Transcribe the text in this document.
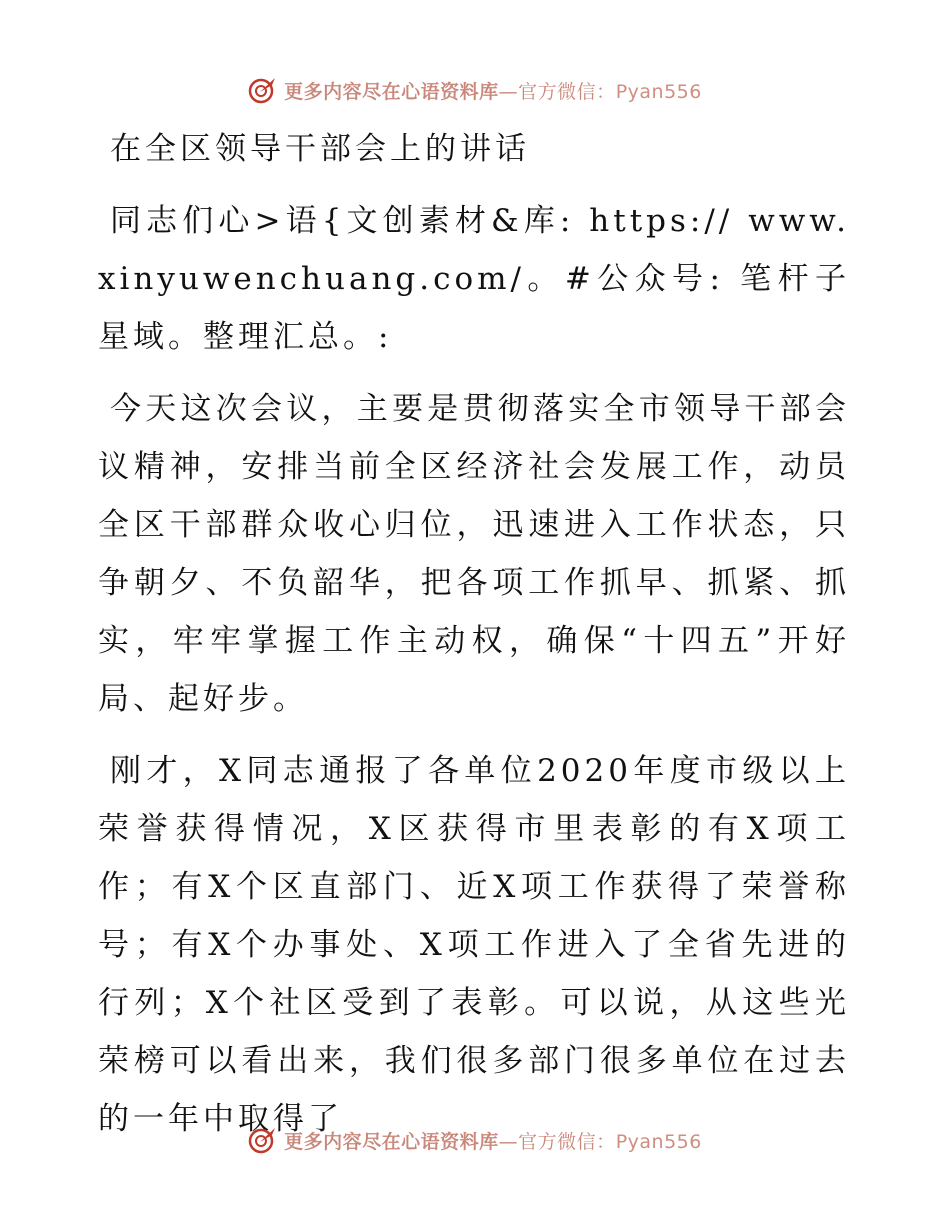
更多内容尽在心语资料库—官方微信：Pyan556

在全区领导干部会上的讲话

同志们心>语{文创素材&库: https:// www.xinyuwenchuang.com/。#公众号: 笔杆子星域。整理汇总。:

今天这次会议，主要是贯彻落实全市领导干部会议精神，安排当前全区经济社会发展工作，动员全区干部群众收心归位，迅速进入工作状态，只争朝夕、不负韶华，把各项工作抓早、抓紧、抓实，牢牢掌握工作主动权，确保“十四五”开好局、起好步。

刚才，X同志通报了各单位2020年度市级以上荣誉获得情况，X区获得市里表彰的有X项工作；有X个区直部门、近X项工作获得了荣誉称号；有X个办事处、X项工作进入了全省先进的行列；X个社区受到了表彰。可以说，从这些光荣榜可以看出来，我们很多部门很多单位在过去的一年中取得了

更多内容尽在心语资料库—官方微信：Pyan556
